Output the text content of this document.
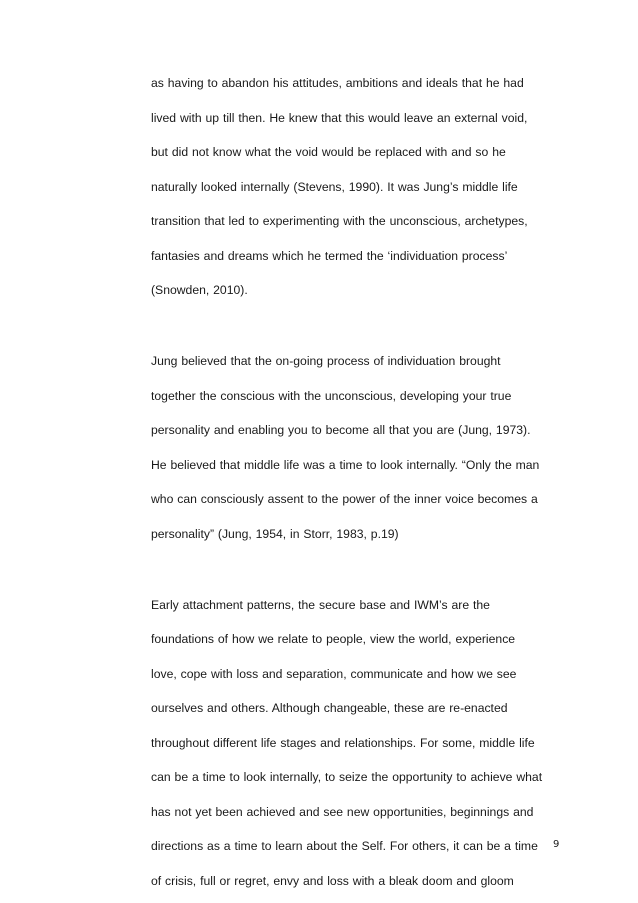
as having to abandon his attitudes, ambitions and ideals that he had
lived with up till then. He knew that this would leave an external void,
but did not know what the void would be replaced with and so he
naturally looked internally (Stevens, 1990). It was Jung’s middle life
transition that led to experimenting with the unconscious, archetypes,
fantasies and dreams which he termed the ‘individuation process’
(Snowden, 2010).
Jung believed that the on-going process of individuation brought
together the conscious with the unconscious, developing your true
personality and enabling you to become all that you are (Jung, 1973).
He believed that middle life was a time to look internally. “Only the man
who can consciously assent to the power of the inner voice becomes a
personality” (Jung, 1954, in Storr, 1983, p.19)
Early attachment patterns, the secure base and IWM’s are the
foundations of how we relate to people, view the world, experience
love, cope with loss and separation, communicate and how we see
ourselves and others. Although changeable, these are re-enacted
throughout different life stages and relationships. For some, middle life
can be a time to look internally, to seize the opportunity to achieve what
has not yet been achieved and see new opportunities, beginnings and
directions as a time to learn about the Self. For others, it can be a time
of crisis, full or regret, envy and loss with a bleak doom and gloom
9
